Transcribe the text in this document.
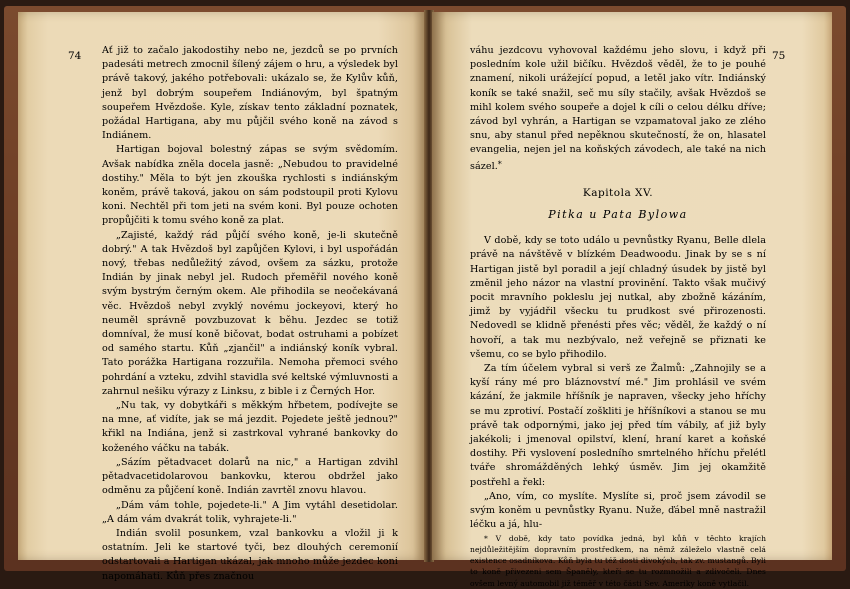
74 Ať již to začalo jakodostihy nebo ne, jezdců se po prvních padesáti metrech zmocnil šílený zájem o hru, a výsledek byl právě takový, jakého potřebovali: ukázalo se, že Kylův kůň, jenž byl dobrým soupeřem Indiánovým, byl špatným soupeřem Hvězdoše. Kyle, získav tento základní poznatek, požádal Hartigana, aby mu půjčil svého koně na závod s Indiánem.

Hartigan bojoval bolestný zápas se svým svědomím. Avšak nabídka zněla docela jasně: „Nebudou to pravidelné dostihy." Měla to být jen zkouška rychlosti s indiánským koněm, právě taková, jakou on sám podstoupil proti Kylovu koni. Nechtěl při tom jeti na svém koni. Byl pouze ochoten propůjčiti k tomu svého koně za plat.

„Zajisté, každý rád půjčí svého koně, je-li skutečně dobrý." A tak Hvězdoš byl zapůjčen Kylovi, i byl uspořádán nový, třebas nedůležitý závod, ovšem za sázku, protože Indián by jinak nebyl jel. Rudoch přeměřil nového koně svým bystrým černým okem. Ale přihodila se neočekávaná věc. Hvězdoš nebyl zvyklý novému jockeyovi, který ho neuměl správně povzbuzovat k běhu. Jezdec se totiž domníval, že musí koně bičovat, bodat ostruhami a pobízet od samého startu. Kůň „zjančil" a indiánský koník vybral. Tato porážka Hartigana rozzuřila. Nemoha přemoci svého pohrdání a vzteku, zdvihl stavidla své keltské výmluvnosti a zahrnul nešiku výrazy z Linksu, z bible i z Černých Hor.

„Nu tak, vy dobytkáři s měkkým hřbetem, podívejte se na mne, ať vidíte, jak se má jezdit. Pojedete ještě jednou?" křikl na Indiána, jenž si zastrkoval vyhrané bankovky do koženého váčku na tabák.

„Sázím pětadvacet dolarů na nic," a Hartigan zdvihl pětadvacetidolarovou bankovku, kterou obdržel jako odměnu za půjčení koně. Indián zavrtěl znovu hlavou.

„Dám vám tohle, pojedete-li." A Jim vytáhl desetidolar. „A dám vám dvakrát tolik, vyhrajete-li."

Indián svolil posunkem, vzal bankovku a vložil ji k ostatním. Jeli ke startové tyči, bez dlouhých ceremonií odstartovali a Hartigan ukázal, jak mnoho může jezdec koni napomáhati. Kůň přes značnou

75

váhu jezdcovu vyhovoval každému jeho slovu, i když při posledním kole užil bičíku. Hvězdoš věděl, že to je pouhé znamení, nikoli urážející popud, a letěl jako vítr. Indiánský koník se také snažil, seč mu síly stačily, avšak Hvězdoš se mihl kolem svého soupeře a dojel k cíli o celou délku dříve; závod byl vyhrán, a Hartigan se vzpamatoval jako ze zlého snu, aby stanul před nepěknou skutečností, že on, hlasatel evangelia, nejen jel na koňských závodech, ale také na nich sázel.*

Kapitola XV.
Pitka u Pata Bylowa

V době, kdy se toto událo u pevnůstky Ryanu, Belle dlela právě na návštěvě v blízkém Deadwoodu. Jinak by se s ní Hartigan jistě byl poradil a její chladný úsudek by jistě byl změnil jeho názor na vlastní provinění. Takto však mučivý pocit mravního pokleslu jej nutkal, aby zbožně kázáním, jimž by vyjádřil všecku tu prudkost své přirozenosti. Nedovedl se klidně přenésti přes věc; věděl, že každý o ní hovoří, a tak mu nezbývalo, než veřejně se přiznati ke všemu, co se bylo přihodilo.

Za tím účelem vybral si verš ze Žalmů: „Zahnojily se a kyší rány mé pro bláznovství mé." Jim prohlásil ve svém kázání, že jakmile hříšník je napraven, všecky jeho hříchy se mu zprotiví. Postačí zoškliti je hříšníkovi a stanou se mu právě tak odpornými, jako jej před tím vábily, ať již byly jakékoli; i jmenoval opilství, klení, hraní karet a koňské dostihy. Při vyslovení posledního smrtelného hříchu přelétl tváře shromážděných lehký úsměv. Jim jej okamžitě postřehl a řekl:

„Ano, vím, co myslíte. Myslíte si, proč jsem závodil se svým koněm u pevnůstky Ryanu. Nuže, ďábel mně nastražil léčku a já, hlu-

* V době, kdy tato povídka jedná, byl kůň v těchto krajích nejdůležitějším dopravním prostředkem, na němž záleželo vlastně celá existence osadníkova. Kůň byla tu též dosti divokých, tak zv. mustangů. Byli to koně přivezeni sem Španěly, kteří se tu rozmnožili a zdivočeli. Dnes ovšem levný automobil již téměř v této části Sev. Ameriky koně vytlačil.
